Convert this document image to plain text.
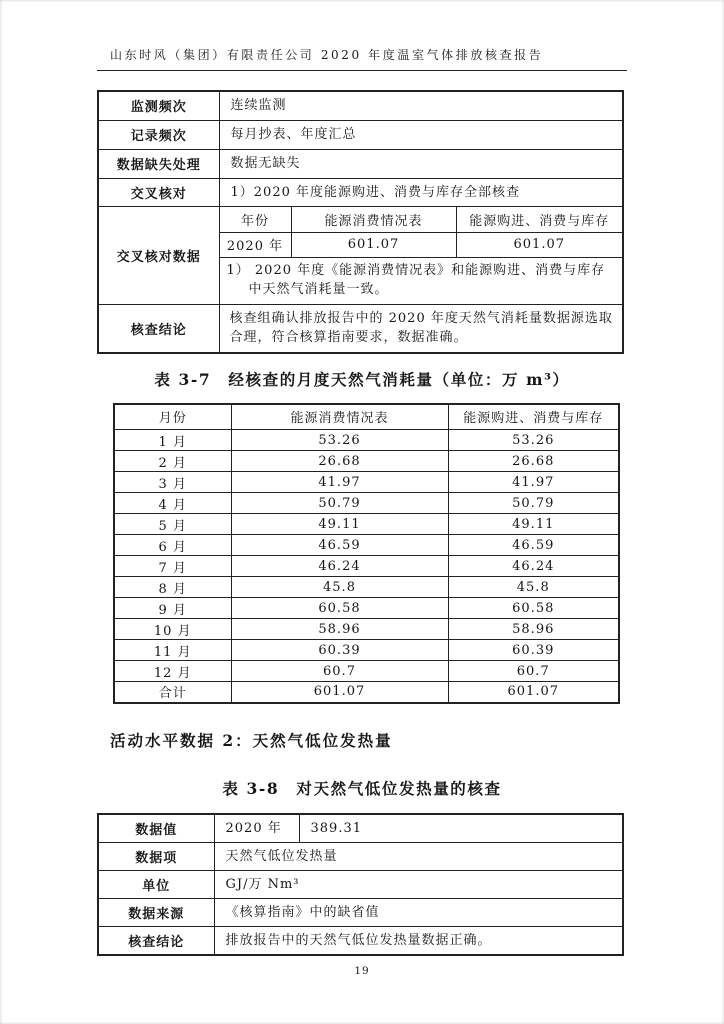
山东时风（集团）有限责任公司 2020 年度温室气体排放核查报告
监测频次	连续监测		
记录频次	每月抄表、年度汇总		
数据缺失处理	数据无缺失		
交叉核对	1）2020 年度能源购进、消费与库存全部核查		
交叉核对数据	年份	能源消费情况表	能源购进、消费与库存
	2020 年	601.07	601.07
	1） 2020 年度《能源消费情况表》和能源购进、消费与库存中天然气消耗量一致。		
核查结论	核查组确认排放报告中的 2020 年度天然气消耗量数据源选取合理，符合核算指南要求，数据准确。		
表 3-7　经核查的月度天然气消耗量（单位：万 m³）
月份	能源消费情况表	能源购进、消费与库存
1 月	53.26	53.26
2 月	26.68	26.68
3 月	41.97	41.97
4 月	50.79	50.79
5 月	49.11	49.11
6 月	46.59	46.59
7 月	46.24	46.24
8 月	45.8	45.8
9 月	60.58	60.58
10 月	58.96	58.96
11 月	60.39	60.39
12 月	60.7	60.7
合计	601.07	601.07
活动水平数据 2：天然气低位发热量
表 3-8　对天然气低位发热量的核查
数据值	2020 年	389.31
数据项	天然气低位发热量	
单位	GJ/万 Nm³	
数据来源	《核算指南》中的缺省值	
核查结论	排放报告中的天然气低位发热量数据正确。	
19
